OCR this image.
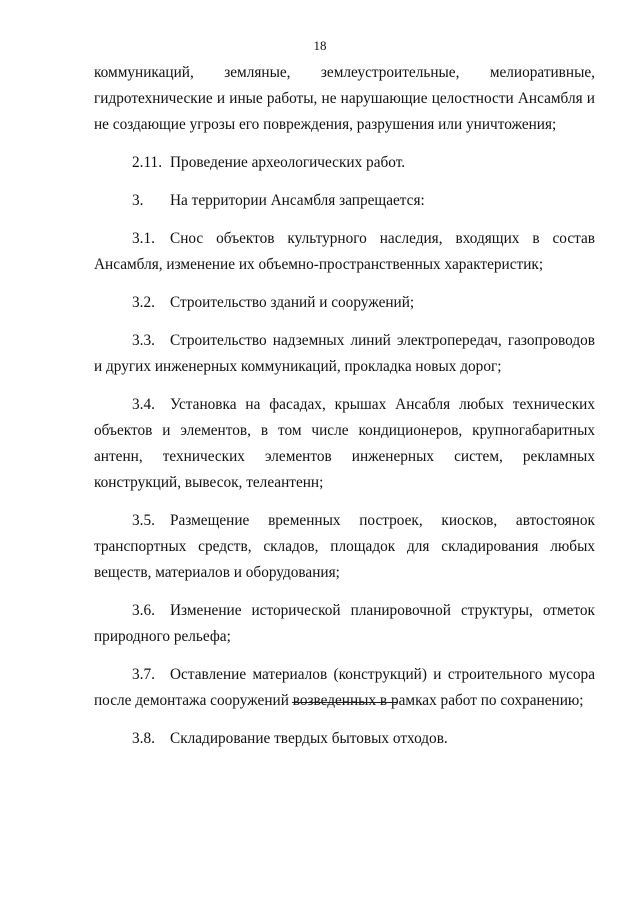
18

коммуникаций, земляные, землеустроительные, мелиоративные, гидротехнические и иные работы, не нарушающие целостности Ансамбля и не создающие угрозы его повреждения, разрушения или уничтожения;

2.11. Проведение археологических работ.

3. На территории Ансамбля запрещается:

3.1. Снос объектов культурного наследия, входящих в состав Ансамбля, изменение их объемно-пространственных характеристик;

3.2. Строительство зданий и сооружений;

3.3. Строительство надземных линий электропередач, газопроводов и других инженерных коммуникаций, прокладка новых дорог;

3.4. Установка на фасадах, крышах Ансабля любых технических объектов и элементов, в том числе кондиционеров, крупногабаритных антенн, технических элементов инженерных систем, рекламных конструкций, вывесок, телеантенн;

3.5. Размещение временных построек, киосков, автостоянок транспортных средств, складов, площадок для складирования любых веществ, материалов и оборудования;

3.6. Изменение исторической планировочной структуры, отметок природного рельефа;

3.7. Оставление материалов (конструкций) и строительного мусора после демонтажа сооружений возведенных в рамках работ по сохранению;

3.8. Складирование твердых бытовых отходов.
